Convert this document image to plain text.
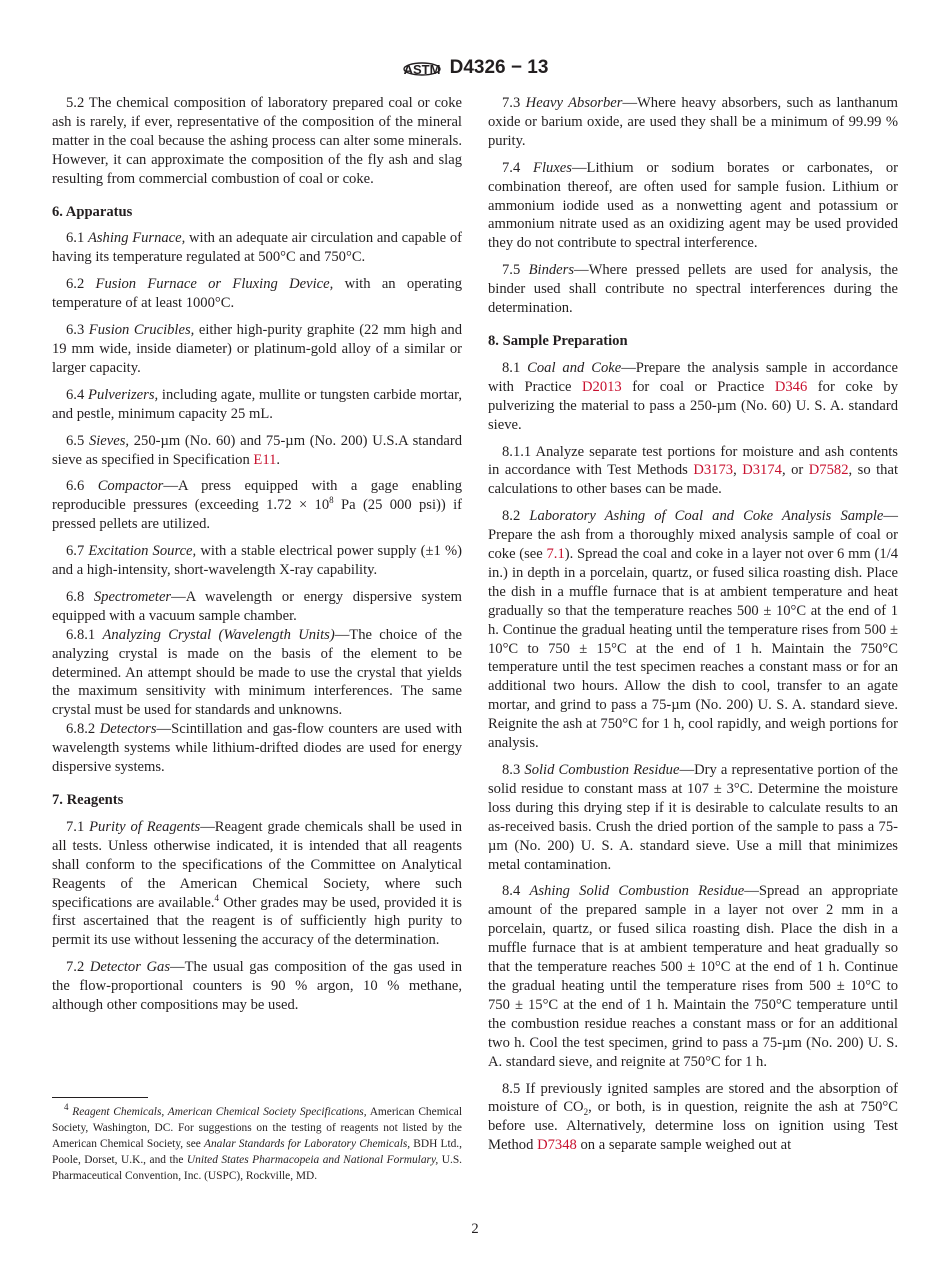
ASTM D4326 − 13

5.2 The chemical composition of laboratory prepared coal or coke ash is rarely, if ever, representative of the composition of the mineral matter in the coal because the ashing process can alter some minerals. However, it can approximate the composition of the fly ash and slag resulting from commercial combustion of coal or coke.

6. Apparatus

6.1 Ashing Furnace, with an adequate air circulation and capable of having its temperature regulated at 500°C and 750°C.

6.2 Fusion Furnace or Fluxing Device, with an operating temperature of at least 1000°C.

6.3 Fusion Crucibles, either high-purity graphite (22 mm high and 19 mm wide, inside diameter) or platinum-gold alloy of a similar or larger capacity.

6.4 Pulverizers, including agate, mullite or tungsten carbide mortar, and pestle, minimum capacity 25 mL.

6.5 Sieves, 250-µm (No. 60) and 75-µm (No. 200) U.S.A standard sieve as specified in Specification E11.

6.6 Compactor—A press equipped with a gage enabling reproducible pressures (exceeding $1.72 \times 10^8$ Pa (25 000 psi)) if pressed pellets are utilized.

6.7 Excitation Source, with a stable electrical power supply (±1 %) and a high-intensity, short-wavelength X-ray capability.

6.8 Spectrometer—A wavelength or energy dispersive system equipped with a vacuum sample chamber.

6.8.1 Analyzing Crystal (Wavelength Units)—The choice of the analyzing crystal is made on the basis of the element to be determined. An attempt should be made to use the crystal that yields the maximum sensitivity with minimum interferences. The same crystal must be used for standards and unknowns.

6.8.2 Detectors—Scintillation and gas-flow counters are used with wavelength systems while lithium-drifted diodes are used for energy dispersive systems.

7. Reagents

7.1 Purity of Reagents—Reagent grade chemicals shall be used in all tests. Unless otherwise indicated, it is intended that all reagents shall conform to the specifications of the Committee on Analytical Reagents of the American Chemical Society, where such specifications are available.$^4$ Other grades may be used, provided it is first ascertained that the reagent is of sufficiently high purity to permit its use without lessening the accuracy of the determination.

7.2 Detector Gas—The usual gas composition of the gas used in the flow-proportional counters is 90 % argon, 10 % methane, although other compositions may be used.

7.3 Heavy Absorber—Where heavy absorbers, such as lanthanum oxide or barium oxide, are used they shall be a minimum of 99.99 % purity.

7.4 Fluxes—Lithium or sodium borates or carbonates, or combination thereof, are often used for sample fusion. Lithium or ammonium iodide used as a nonwetting agent and potassium or ammonium nitrate used as an oxidizing agent may be used provided they do not contribute to spectral interference.

7.5 Binders—Where pressed pellets are used for analysis, the binder used shall contribute no spectral interferences during the determination.

8. Sample Preparation

8.1 Coal and Coke—Prepare the analysis sample in accordance with Practice D2013 for coal or Practice D346 for coke by pulverizing the material to pass a 250-µm (No. 60) U. S. A. standard sieve.

8.1.1 Analyze separate test portions for moisture and ash contents in accordance with Test Methods D3173, D3174, or D7582, so that calculations to other bases can be made.

8.2 Laboratory Ashing of Coal and Coke Analysis Sample—Prepare the ash from a thoroughly mixed analysis sample of coal or coke (see 7.1). Spread the coal and coke in a layer not over 6 mm (1/4 in.) in depth in a porcelain, quartz, or fused silica roasting dish. Place the dish in a muffle furnace that is at ambient temperature and heat gradually so that the temperature reaches 500 ± 10°C at the end of 1 h. Continue the gradual heating until the temperature rises from 500 ± 10°C to 750 ± 15°C at the end of 1 h. Maintain the 750°C temperature until the test specimen reaches a constant mass or for an additional two hours. Allow the dish to cool, transfer to an agate mortar, and grind to pass a 75-µm (No. 200) U. S. A. standard sieve. Reignite the ash at 750°C for 1 h, cool rapidly, and weigh portions for analysis.

8.3 Solid Combustion Residue—Dry a representative portion of the solid residue to constant mass at 107 ± 3°C. Determine the moisture loss during this drying step if it is desirable to calculate results to an as-received basis. Crush the dried portion of the sample to pass a 75-µm (No. 200) U. S. A. standard sieve. Use a mill that minimizes metal contamination.

8.4 Ashing Solid Combustion Residue—Spread an appropriate amount of the prepared sample in a layer not over 2 mm in a porcelain, quartz, or fused silica roasting dish. Place the dish in a muffle furnace that is at ambient temperature and heat gradually so that the temperature reaches 500 ± 10°C at the end of 1 h. Continue the gradual heating until the temperature rises from 500 ± 10°C to 750 ± 15°C at the end of 1 h. Maintain the 750°C temperature until the combustion residue reaches a constant mass or for an additional two h. Cool the test specimen, grind to pass a 75-µm (No. 200) U. S. A. standard sieve, and reignite at 750°C for 1 h.

8.5 If previously ignited samples are stored and the absorption of moisture of $CO_2$, or both, is in question, reignite the ash at 750°C before use. Alternatively, determine loss on ignition using Test Method D7348 on a separate sample weighed out at

$^4$ Reagent Chemicals, American Chemical Society Specifications, American Chemical Society, Washington, DC. For suggestions on the testing of reagents not listed by the American Chemical Society, see Analar Standards for Laboratory Chemicals, BDH Ltd., Poole, Dorset, U.K., and the United States Pharmacopeia and National Formulary, U.S. Pharmaceutical Convention, Inc. (USPC), Rockville, MD.
2
